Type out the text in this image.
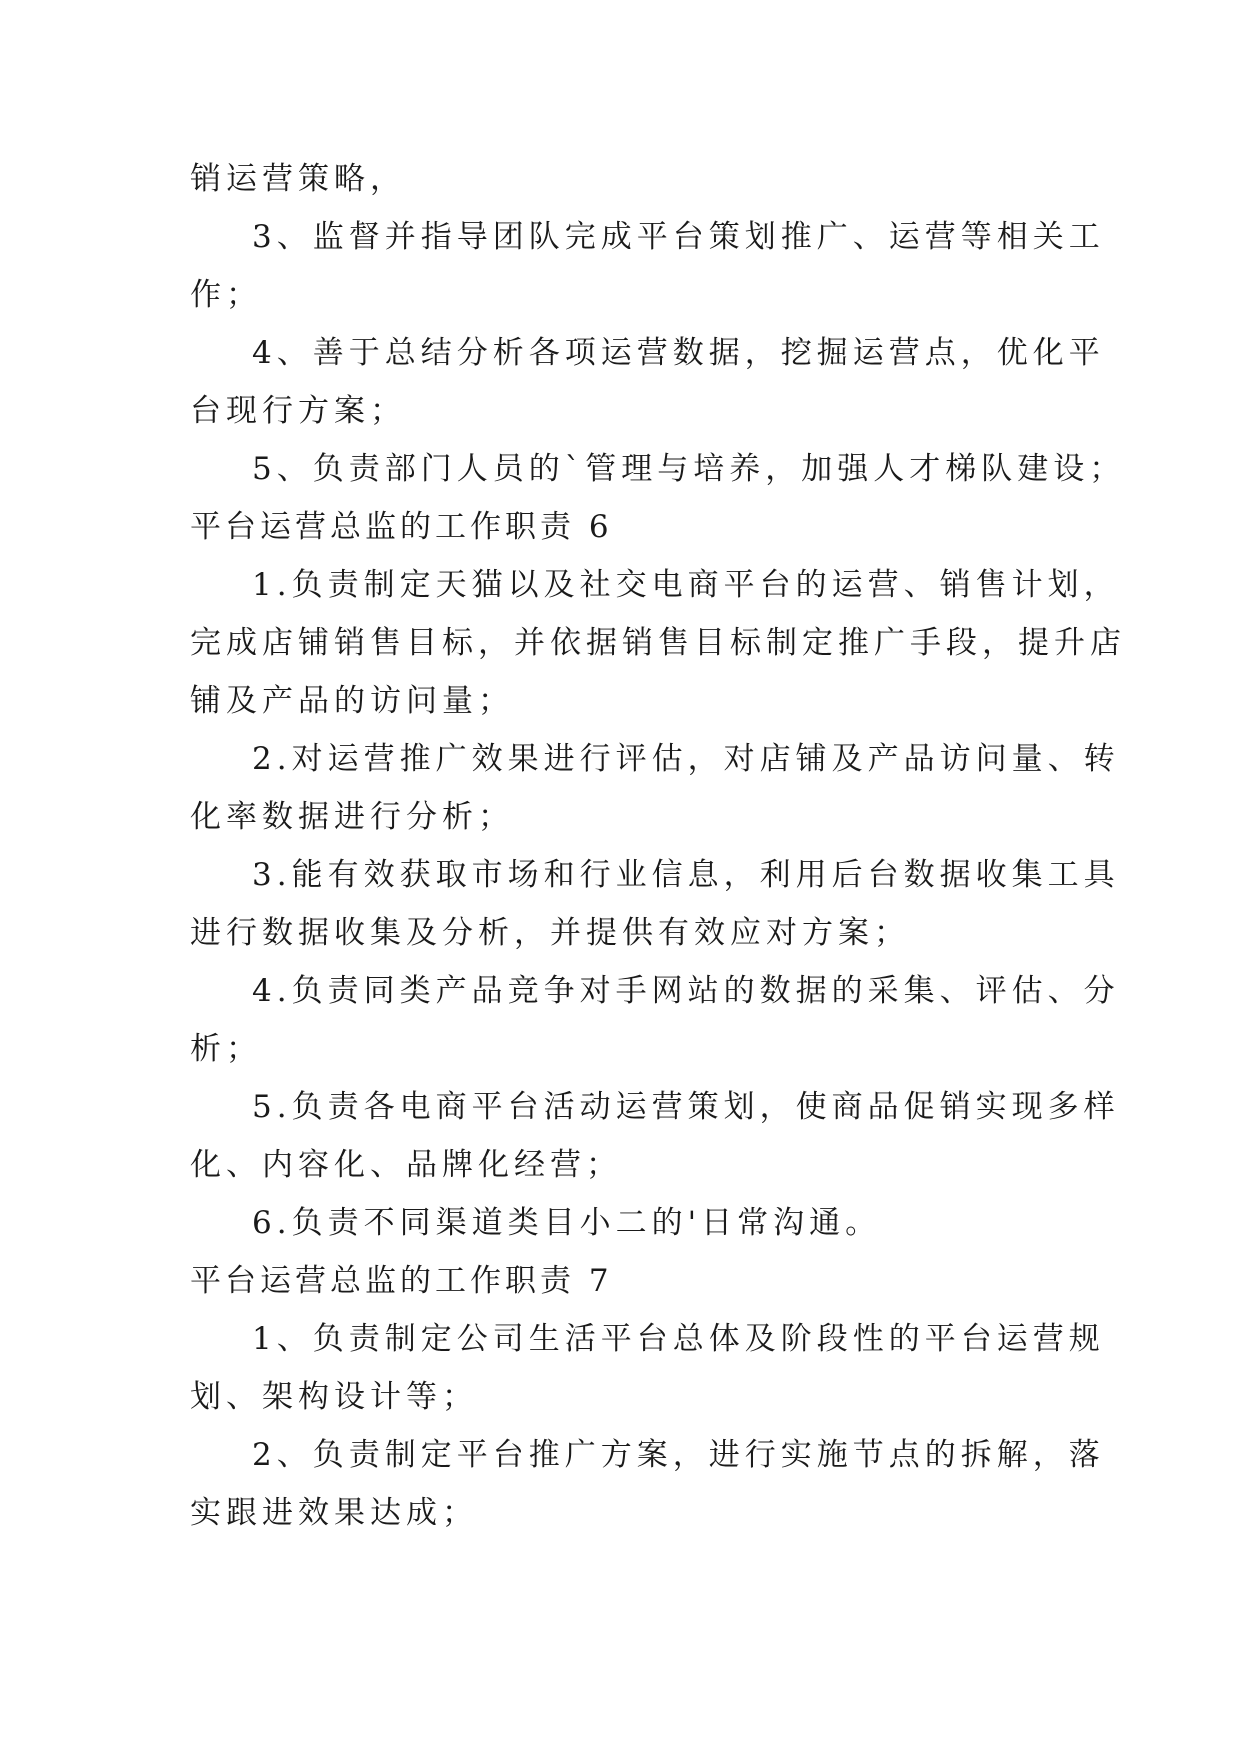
销运营策略，
3、监督并指导团队完成平台策划推广、运营等相关工
作；
4、善于总结分析各项运营数据，挖掘运营点，优化平
台现行方案；
5、负责部门人员的`管理与培养，加强人才梯队建设；
平台运营总监的工作职责 6
1.负责制定天猫以及社交电商平台的运营、销售计划，
完成店铺销售目标，并依据销售目标制定推广手段，提升店
铺及产品的访问量；
2.对运营推广效果进行评估，对店铺及产品访问量、转
化率数据进行分析；
3.能有效获取市场和行业信息，利用后台数据收集工具
进行数据收集及分析，并提供有效应对方案；
4.负责同类产品竞争对手网站的数据的采集、评估、分
析；
5.负责各电商平台活动运营策划，使商品促销实现多样
化、内容化、品牌化经营；
6.负责不同渠道类目小二的'日常沟通。
平台运营总监的工作职责 7
1、负责制定公司生活平台总体及阶段性的平台运营规
划、架构设计等；
2、负责制定平台推广方案，进行实施节点的拆解，落
实跟进效果达成；
